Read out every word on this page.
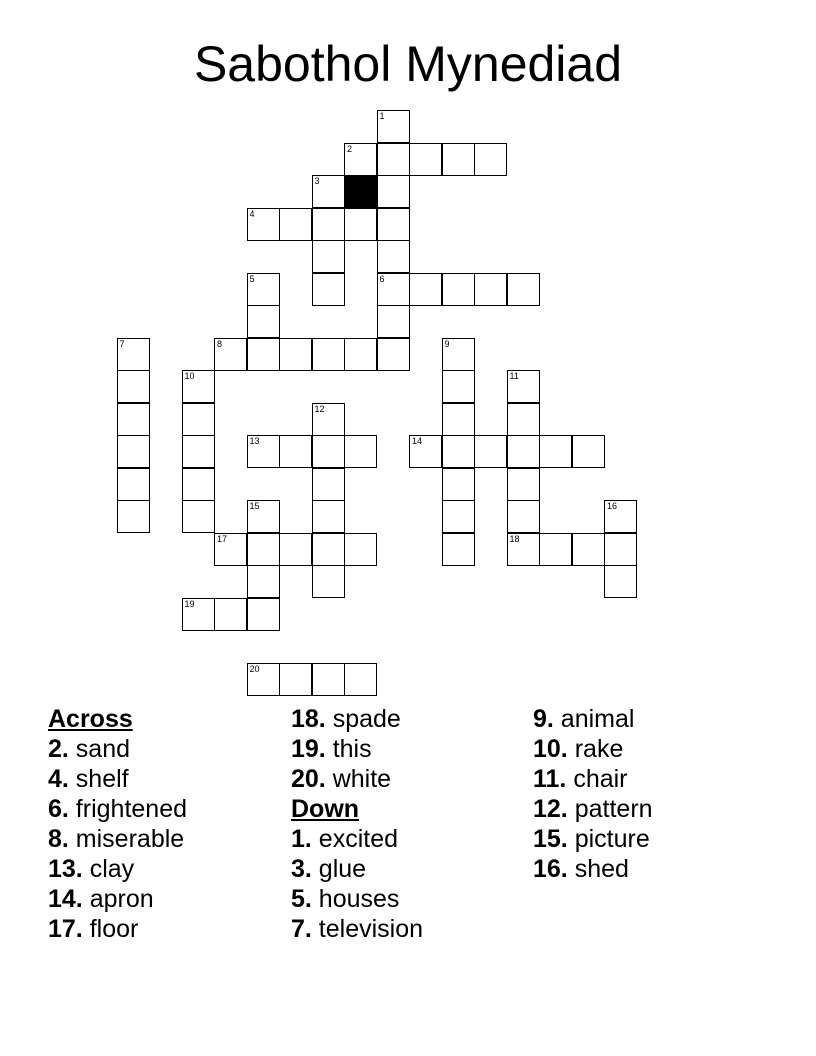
Sabothol Mynediad
1
2
3
4
5	6
7	8	9
10	11
12
13	14
15	16
17	18
19
20
Across
2. sand
4. shelf
6. frightened
8. miserable
13. clay
14. apron
17. floor
18. spade
19. this
20. white
Down
1. excited
3. glue
5. houses
7. television
9. animal
10. rake
11. chair
12. pattern
15. picture
16. shed
